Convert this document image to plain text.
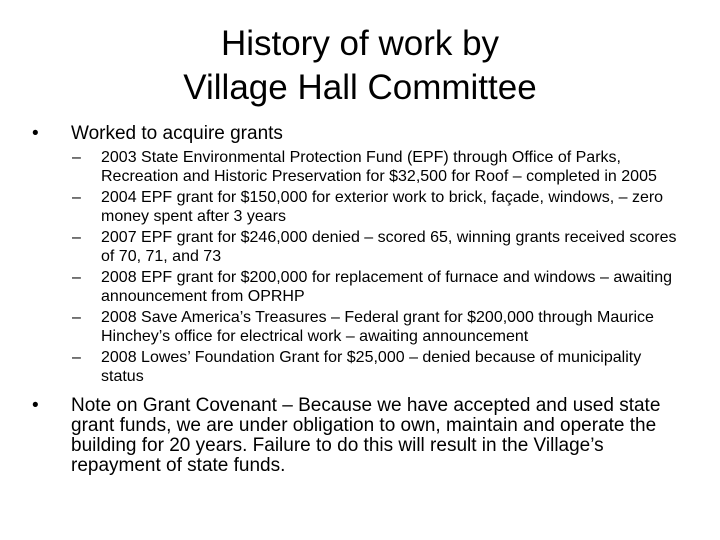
History of work by
Village Hall Committee
•	Worked to acquire grants
– 2003 State Environmental Protection Fund (EPF) through Office of Parks, Recreation and Historic Preservation for $32,500 for Roof – completed in 2005
– 2004 EPF grant for $150,000 for exterior work to brick, façade, windows, – zero money spent after 3 years
– 2007 EPF grant for $246,000 denied – scored 65, winning grants received scores of 70, 71, and 73
– 2008 EPF grant for $200,000 for replacement of furnace and windows – awaiting announcement from OPRHP
– 2008 Save America’s Treasures – Federal grant for $200,000 through Maurice Hinchey’s office for electrical work – awaiting announcement
– 2008 Lowes’ Foundation Grant for $25,000 – denied because of municipality status
•	Note on Grant Covenant – Because we have accepted and used state grant funds, we are under obligation to own, maintain and operate the building for 20 years. Failure to do this will result in the Village’s repayment of state funds.
